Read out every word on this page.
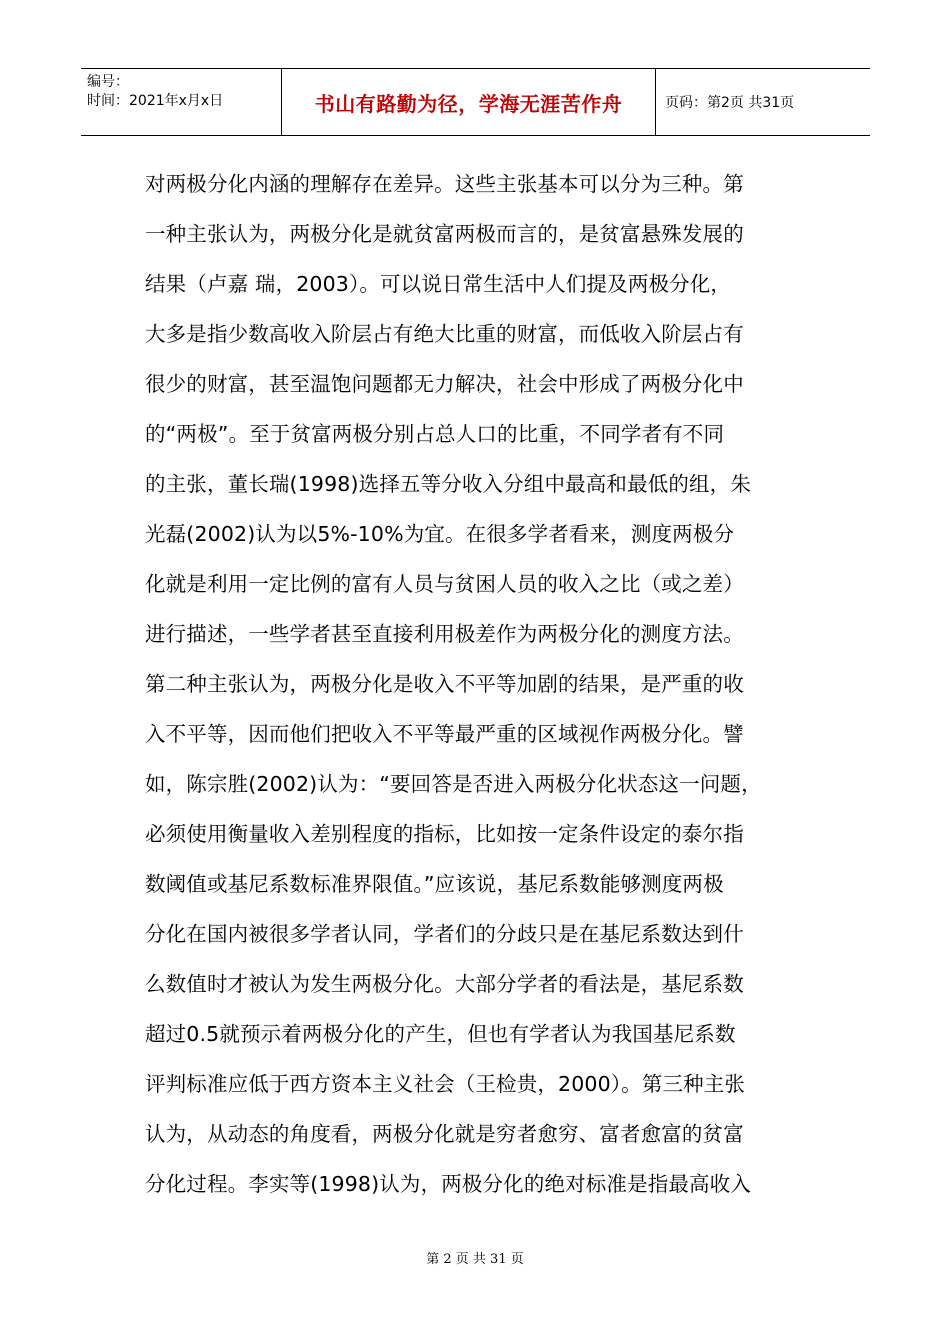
编号：
时间：2021年x月x日	书山有路勤为径，学海无涯苦作舟	页码：第2页 共31页
对两极分化内涵的理解存在差异。这些主张基本可以分为三种。第
一种主张认为，两极分化是就贫富两极而言的，是贫富悬殊发展的
结果（卢嘉 瑞，2003）。可以说日常生活中人们提及两极分化，
大多是指少数高收入阶层占有绝大比重的财富，而低收入阶层占有
很少的财富，甚至温饱问题都无力解决，社会中形成了两极分化中
的“两极”。至于贫富两极分别占总人口的比重，不同学者有不同
的主张，董长瑞(1998)选择五等分收入分组中最高和最低的组，朱
光磊(2002)认为以5%-10%为宜。在很多学者看来，测度两极分
化就是利用一定比例的富有人员与贫困人员的收入之比（或之差）
进行描述，一些学者甚至直接利用极差作为两极分化的测度方法。
第二种主张认为，两极分化是收入不平等加剧的结果，是严重的收
入不平等，因而他们把收入不平等最严重的区域视作两极分化。譬
如，陈宗胜(2002)认为：“要回答是否进入两极分化状态这一问题，
必须使用衡量收入差别程度的指标，比如按一定条件设定的泰尔指
数阈值或基尼系数标准界限值。”应该说，基尼系数能够测度两极
分化在国内被很多学者认同，学者们的分歧只是在基尼系数达到什
么数值时才被认为发生两极分化。大部分学者的看法是，基尼系数
超过0.5就预示着两极分化的产生，但也有学者认为我国基尼系数
评判标准应低于西方资本主义社会（王检贵，2000）。第三种主张
认为，从动态的角度看，两极分化就是穷者愈穷、富者愈富的贫富
分化过程。李实等(1998)认为，两极分化的绝对标准是指最高收入
第 2 页 共 31 页
